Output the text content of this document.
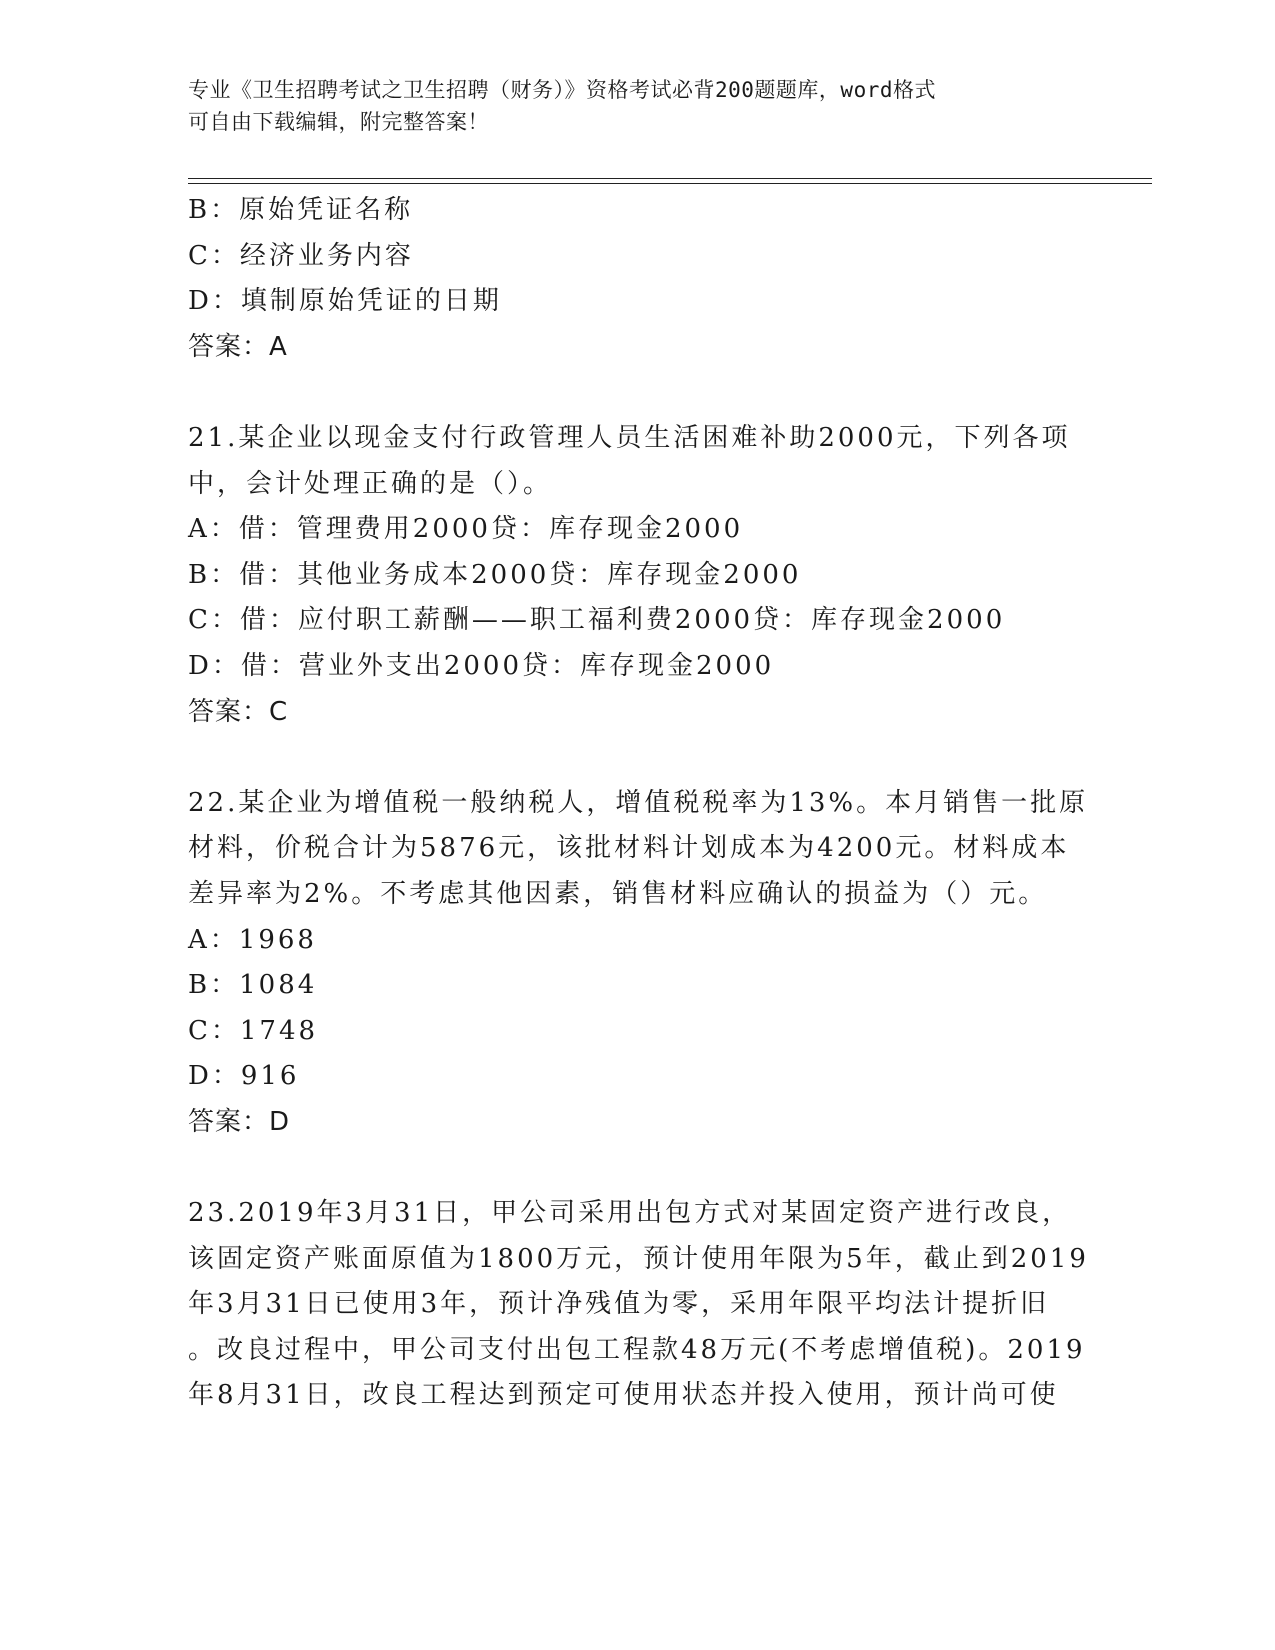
专业《卫生招聘考试之卫生招聘（财务）》资格考试必背200题题库，word格式
可自由下载编辑，附完整答案！
B：原始凭证名称
C：经济业务内容
D：填制原始凭证的日期
答案：A
21.某企业以现金支付行政管理人员生活困难补助2000元，下列各项
中，会计处理正确的是（）。
A：借：管理费用2000贷：库存现金2000
B：借：其他业务成本2000贷：库存现金2000
C：借：应付职工薪酬——职工福利费2000贷：库存现金2000
D：借：营业外支出2000贷：库存现金2000
答案：C
22.某企业为增值税一般纳税人，增值税税率为13%。本月销售一批原
材料，价税合计为5876元，该批材料计划成本为4200元。材料成本
差异率为2%。不考虑其他因素，销售材料应确认的损益为（）元。
A：1968
B：1084
C：1748
D：916
答案：D
23.2019年3月31日，甲公司采用出包方式对某固定资产进行改良，
该固定资产账面原值为1800万元，预计使用年限为5年，截止到2019
年3月31日已使用3年，预计净残值为零，采用年限平均法计提折旧
。改良过程中，甲公司支付出包工程款48万元(不考虑增值税)。2019
年8月31日，改良工程达到预定可使用状态并投入使用，预计尚可使
